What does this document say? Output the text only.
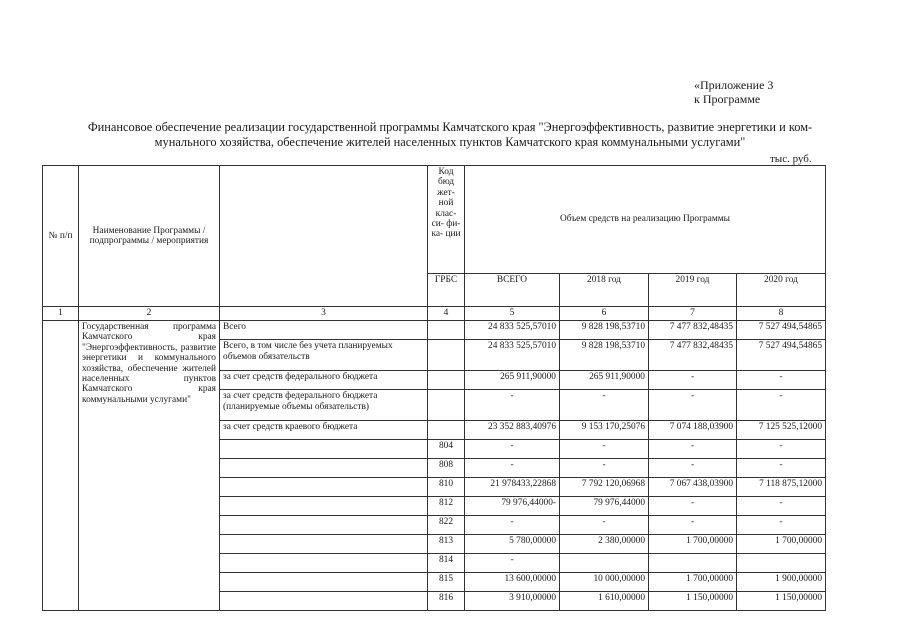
«Приложение 3
к Программе
Финансовое обеспечение реализации государственной программы Камчатского края "Энергоэффективность, развитие энергетики и ком-
мунального хозяйства, обеспечение жителей населенных пунктов Камчатского края коммунальными услугами"
тыс. руб.
№ п/п	Наименование Программы / подпрограммы / мероприятия		Код бюд жет- ной клас- си- фи- ка- ции	Объем средств на реализацию Программы			
			ГРБС	ВСЕГО	2018 год	2019 год	2020 год
1	2	3	4	5	6	7	8
	Государственная программа Камчатского края "Энергоэффективность, развитие энергетики и коммунального хозяйства, обеспечение жителей населенных пунктов Камчатского края коммунальными услугами"	Всего		24 833 525,57010	9 828 198,53710	7 477 832,48435	7 527 494,54865
		Всего, в том числе без учета планируемых объемов обязательств		24 833 525,57010	9 828 198,53710	7 477 832,48435	7 527 494,54865
		за счет средств федерального бюджета		265 911,90000	265 911,90000	-	-
		за счет средств федерального бюджета (планируемые объемы обязательств)		-	-	-	-
		за счет средств краевого бюджета		23 352 883,40976	9 153 170,25076	7 074 188,03900	7 125 525,12000
			804	-	-	-	-
			808	-	-	-	-
			810	21 978433,22868	7 792 120,06968	7 067 438,03900	7 118 875,12000
			812	79 976,44000-	79 976,44000	-	-
			822	-	-	-	-
			813	5 780,00000	2 380,00000	1 700,00000	1 700,00000
			814	-			
			815	13 600,00000	10 000,00000	1 700,00000	1 900,00000
			816	3 910,00000	1 610,00000	1 150,00000	1 150,00000
